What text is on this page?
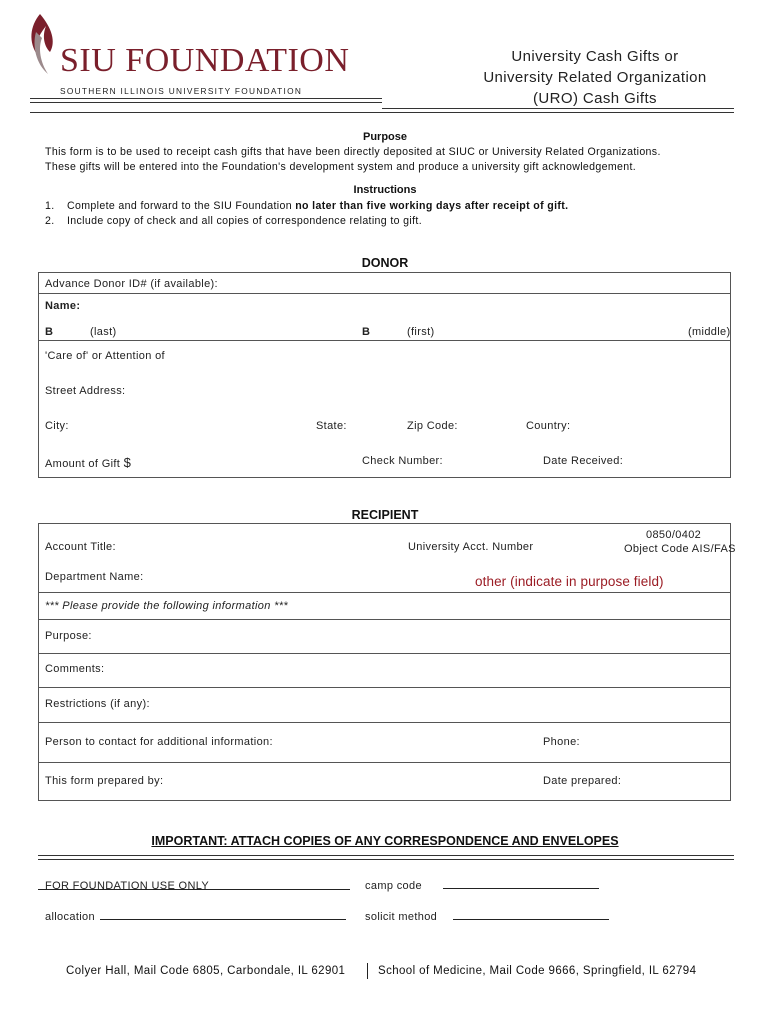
SIU FOUNDATION
SOUTHERN ILLINOIS UNIVERSITY FOUNDATION
University Cash Gifts or
University Related Organization
(URO) Cash Gifts
Purpose
This form is to be used to receipt cash gifts that have been directly deposited at SIUC or University Related Organizations.
These gifts will be entered into the Foundation's development system and produce a university gift acknowledgement.
Instructions
1. Complete and forward to the SIU Foundation no later than five working days after receipt of gift.
2. Include copy of check and all copies of correspondence relating to gift.
DONOR
Advance Donor ID# (if available):
Name:
B	(last)	B	(first)	(middle)
'Care of' or Attention of
Street Address:
City:	State:	Zip Code:	Country:
Amount of Gift $	Check Number:	Date Received:
RECIPIENT
0850/0402
Object Code AIS/FAS
Account Title:	University Acct. Number
Department Name:	other (indicate in purpose field)
*** Please provide the following information ***
Purpose:
Comments:
Restrictions (if any):
Person to contact for additional information:	Phone:
This form prepared by:	Date prepared:
IMPORTANT: ATTACH COPIES OF ANY CORRESPONDENCE AND ENVELOPES
FOR FOUNDATION USE ONLY	camp code
allocation	solicit method
Colyer Hall, Mail Code 6805, Carbondale, IL 62901	School of Medicine, Mail Code 9666, Springfield, IL 62794
